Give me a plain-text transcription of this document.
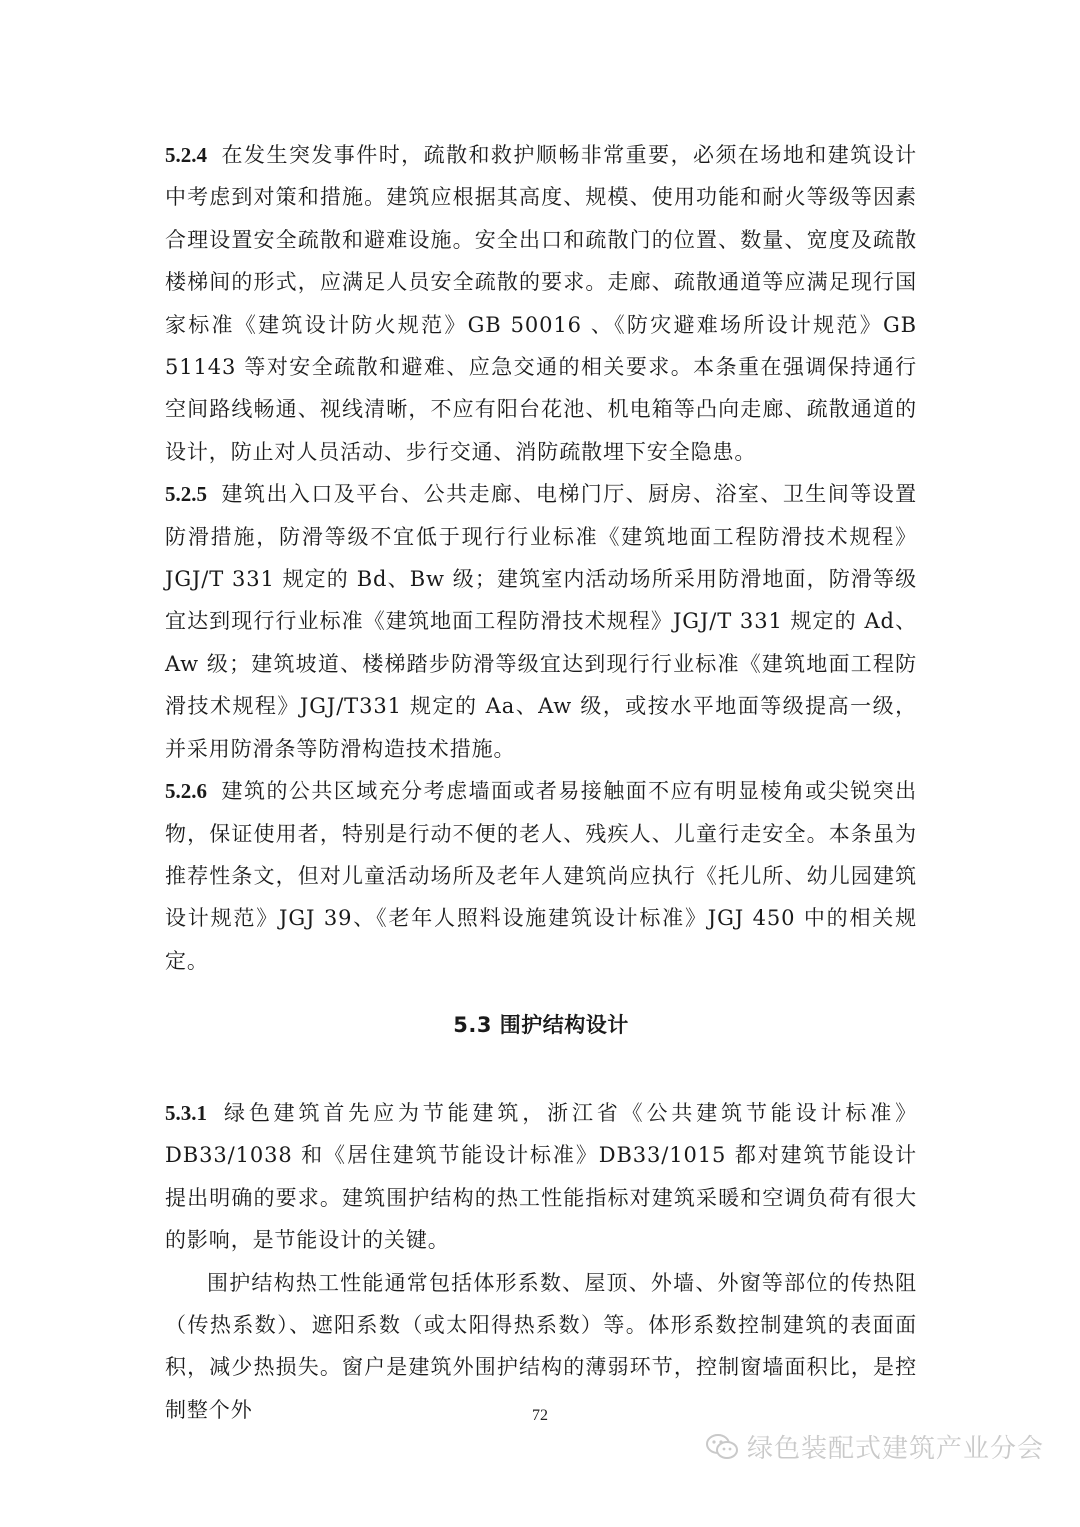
5.2.4 在发生突发事件时，疏散和救护顺畅非常重要，必须在场地和建筑设计中考虑到对策和措施。建筑应根据其高度、规模、使用功能和耐火等级等因素合理设置安全疏散和避难设施。安全出口和疏散门的位置、数量、宽度及疏散楼梯间的形式，应满足人员安全疏散的要求。走廊、疏散通道等应满足现行国家标准《建筑设计防火规范》GB 50016 、《防灾避难场所设计规范》GB 51143 等对安全疏散和避难、应急交通的相关要求。本条重在强调保持通行空间路线畅通、视线清晰，不应有阳台花池、机电箱等凸向走廊、疏散通道的设计，防止对人员活动、步行交通、消防疏散埋下安全隐患。

5.2.5 建筑出入口及平台、公共走廊、电梯门厅、厨房、浴室、卫生间等设置防滑措施，防滑等级不宜低于现行行业标准《建筑地面工程防滑技术规程》JGJ/T 331 规定的 Bd、Bw 级；建筑室内活动场所采用防滑地面，防滑等级宜达到现行行业标准《建筑地面工程防滑技术规程》JGJ/T 331 规定的 Ad、Aw 级；建筑坡道、楼梯踏步防滑等级宜达到现行行业标准《建筑地面工程防滑技术规程》JGJ/T331 规定的 Aa、Aw 级，或按水平地面等级提高一级，并采用防滑条等防滑构造技术措施。

5.2.6 建筑的公共区域充分考虑墙面或者易接触面不应有明显棱角或尖锐突出物，保证使用者，特别是行动不便的老人、残疾人、儿童行走安全。本条虽为推荐性条文，但对儿童活动场所及老年人建筑尚应执行《托儿所、幼儿园建筑设计规范》JGJ 39、《老年人照料设施建筑设计标准》JGJ 450 中的相关规定。

5.3 围护结构设计

5.3.1 绿色建筑首先应为节能建筑，浙江省《公共建筑节能设计标准》DB33/1038 和《居住建筑节能设计标准》DB33/1015 都对建筑节能设计提出明确的要求。建筑围护结构的热工性能指标对建筑采暖和空调负荷有很大的影响，是节能设计的关键。

围护结构热工性能通常包括体形系数、屋顶、外墙、外窗等部位的传热阻（传热系数）、遮阳系数（或太阳得热系数）等。体形系数控制建筑的表面面积，减少热损失。窗户是建筑外围护结构的薄弱环节，控制窗墙面积比，是控制整个外	72
绿色装配式建筑产业分会
